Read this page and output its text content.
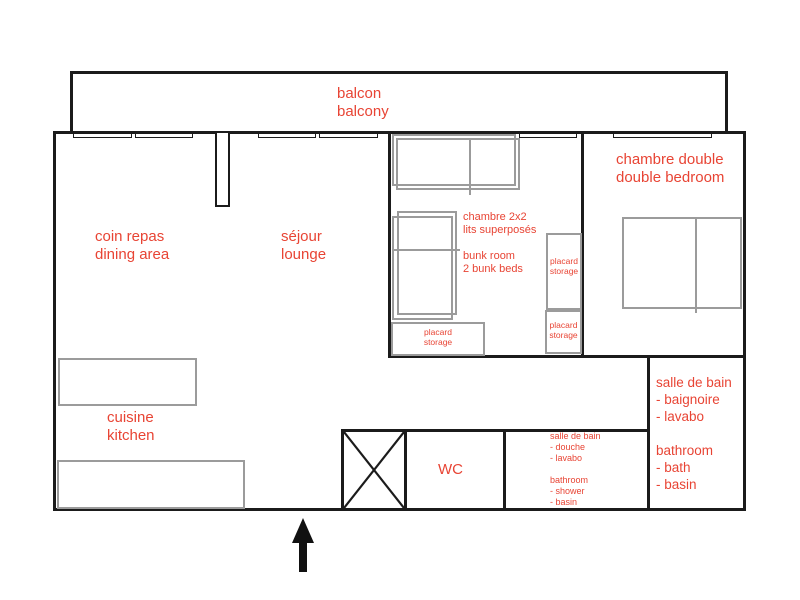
balcon
balcony
coin repas
dining area
séjour
lounge
chambre 2x2
lits superposés

bunk room
2 bunk beds
chambre double
double bedroom
cuisine
kitchen
WC
salle de bain
- douche
- lavabo

bathroom
- shower
- basin
salle de bain
- baignoire
- lavabo

bathroom
- bath
- basin
placard
storage
placard
storage
placard
storage
